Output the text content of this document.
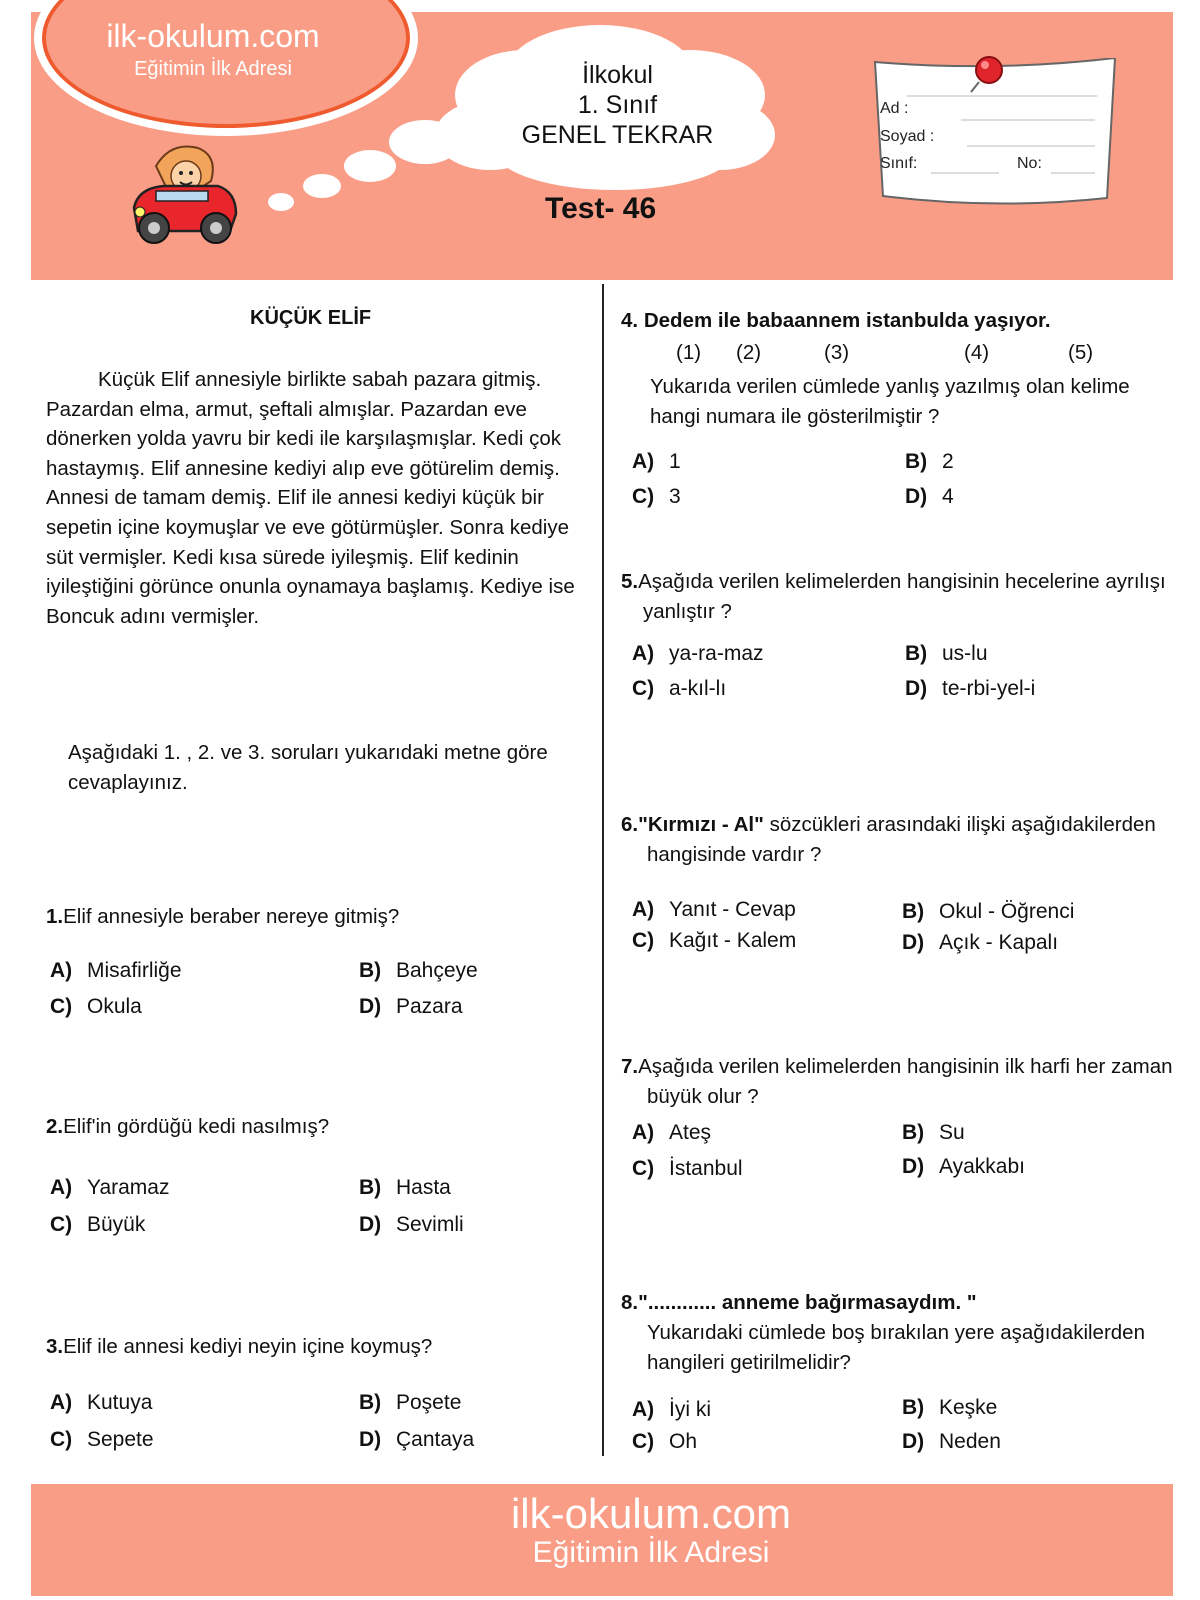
ilk-okulum.com
Eğitimin İlk Adresi	İlkokul
1. Sınıf
GENEL TEKRAR
Test- 46
Ad :
Soyad :
Sınıf:	No:
KÜÇÜK ELİF

Küçük Elif annesiyle birlikte sabah pazara gitmiş. Pazardan elma, armut, şeftali almışlar. Pazardan eve dönerken yolda yavru bir kedi ile karşılaşmışlar. Kedi çok hastaymış. Elif annesine kediyi alıp eve götürelim demiş. Annesi de tamam demiş. Elif ile annesi kediyi küçük bir sepetin içine koymuşlar ve eve götürmüşler. Sonra kediye süt vermişler. Kedi kısa sürede iyileşmiş. Elif kedinin iyileştiğini görünce onunla oynamaya başlamış. Kediye ise Boncuk adını vermişler.

Aşağıdaki 1. , 2. ve 3. soruları yukarıdaki metne göre cevaplayınız.
1.Elif annesiyle beraber nereye gitmiş?
A) Misafirliğe	B) Bahçeye
C) Okula	D) Pazara
2.Elif'in gördüğü kedi nasılmış?
A) Yaramaz	B) Hasta
C) Büyük	D) Sevimli
3.Elif ile annesi kediyi neyin içine koymuş?
A) Kutuya	B) Poşete
C) Sepete	D) Çantaya
4. Dedem ile babaannem istanbulda yaşıyor.
(1) (2)	(3)	(4)	(5)
Yukarıda verilen cümlede yanlış yazılmış olan kelime hangi numara ile gösterilmiştir ?
A) 1	B) 2
C) 3	D) 4
5.Aşağıda verilen kelimelerden hangisinin hecelerine ayrılışı yanlıştır ?
A) ya-ra-maz	B) us-lu
C) a-kıl-lı	D) te-rbi-yel-i
6."Kırmızı - Al" sözcükleri arasındaki ilişki aşağıdakilerden hangisinde vardır ?
A) Yanıt - Cevap	B) Okul - Öğrenci
C) Kağıt - Kalem	D) Açık - Kapalı
7.Aşağıda verilen kelimelerden hangisinin ilk harfi her zaman büyük olur ?
A) Ateş	B) Su
C) İstanbul	D) Ayakkabı
8."............ anneme bağırmasaydım. "
Yukarıdaki cümlede boş bırakılan yere aşağıdakilerden hangileri getirilmelidir?
A) İyi ki	B) Keşke
C) Oh	D) Neden
ilk-okulum.com
Eğitimin İlk Adresi
